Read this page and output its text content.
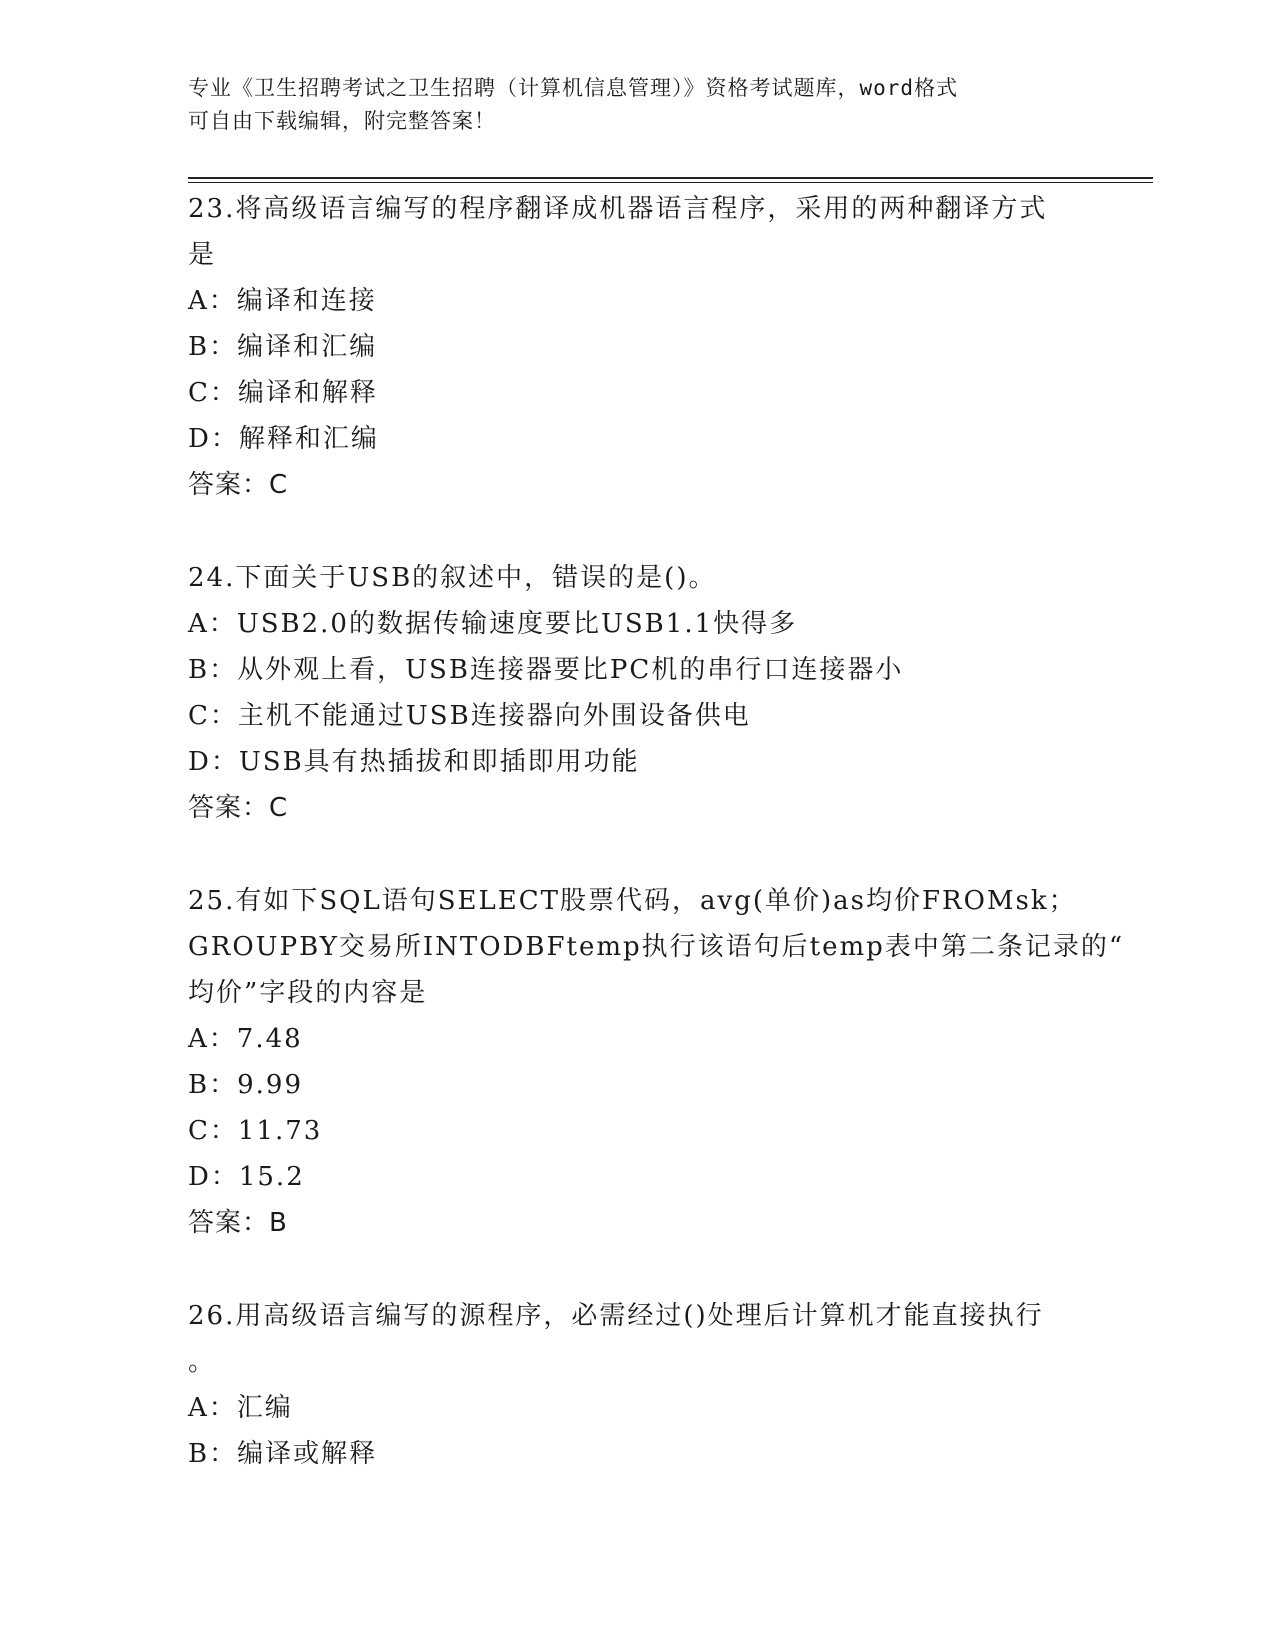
专业《卫生招聘考试之卫生招聘（计算机信息管理）》资格考试题库，word格式
可自由下载编辑，附完整答案！
23.将高级语言编写的程序翻译成机器语言程序，采用的两种翻译方式
是
A：编译和连接
B：编译和汇编
C：编译和解释
D：解释和汇编
答案：C
24.下面关于USB的叙述中，错误的是()。
A：USB2.0的数据传输速度要比USB1.1快得多
B：从外观上看，USB连接器要比PC机的串行口连接器小
C：主机不能通过USB连接器向外围设备供电
D：USB具有热插拔和即插即用功能
答案：C
25.有如下SQL语句SELECT股票代码，avg(单价)as均价FROMsk；
GROUPBY交易所INTODBFtemp执行该语句后temp表中第二条记录的“
均价”字段的内容是
A：7.48
B：9.99
C：11.73
D：15.2
答案：B
26.用高级语言编写的源程序，必需经过()处理后计算机才能直接执行
。
A：汇编
B：编译或解释
